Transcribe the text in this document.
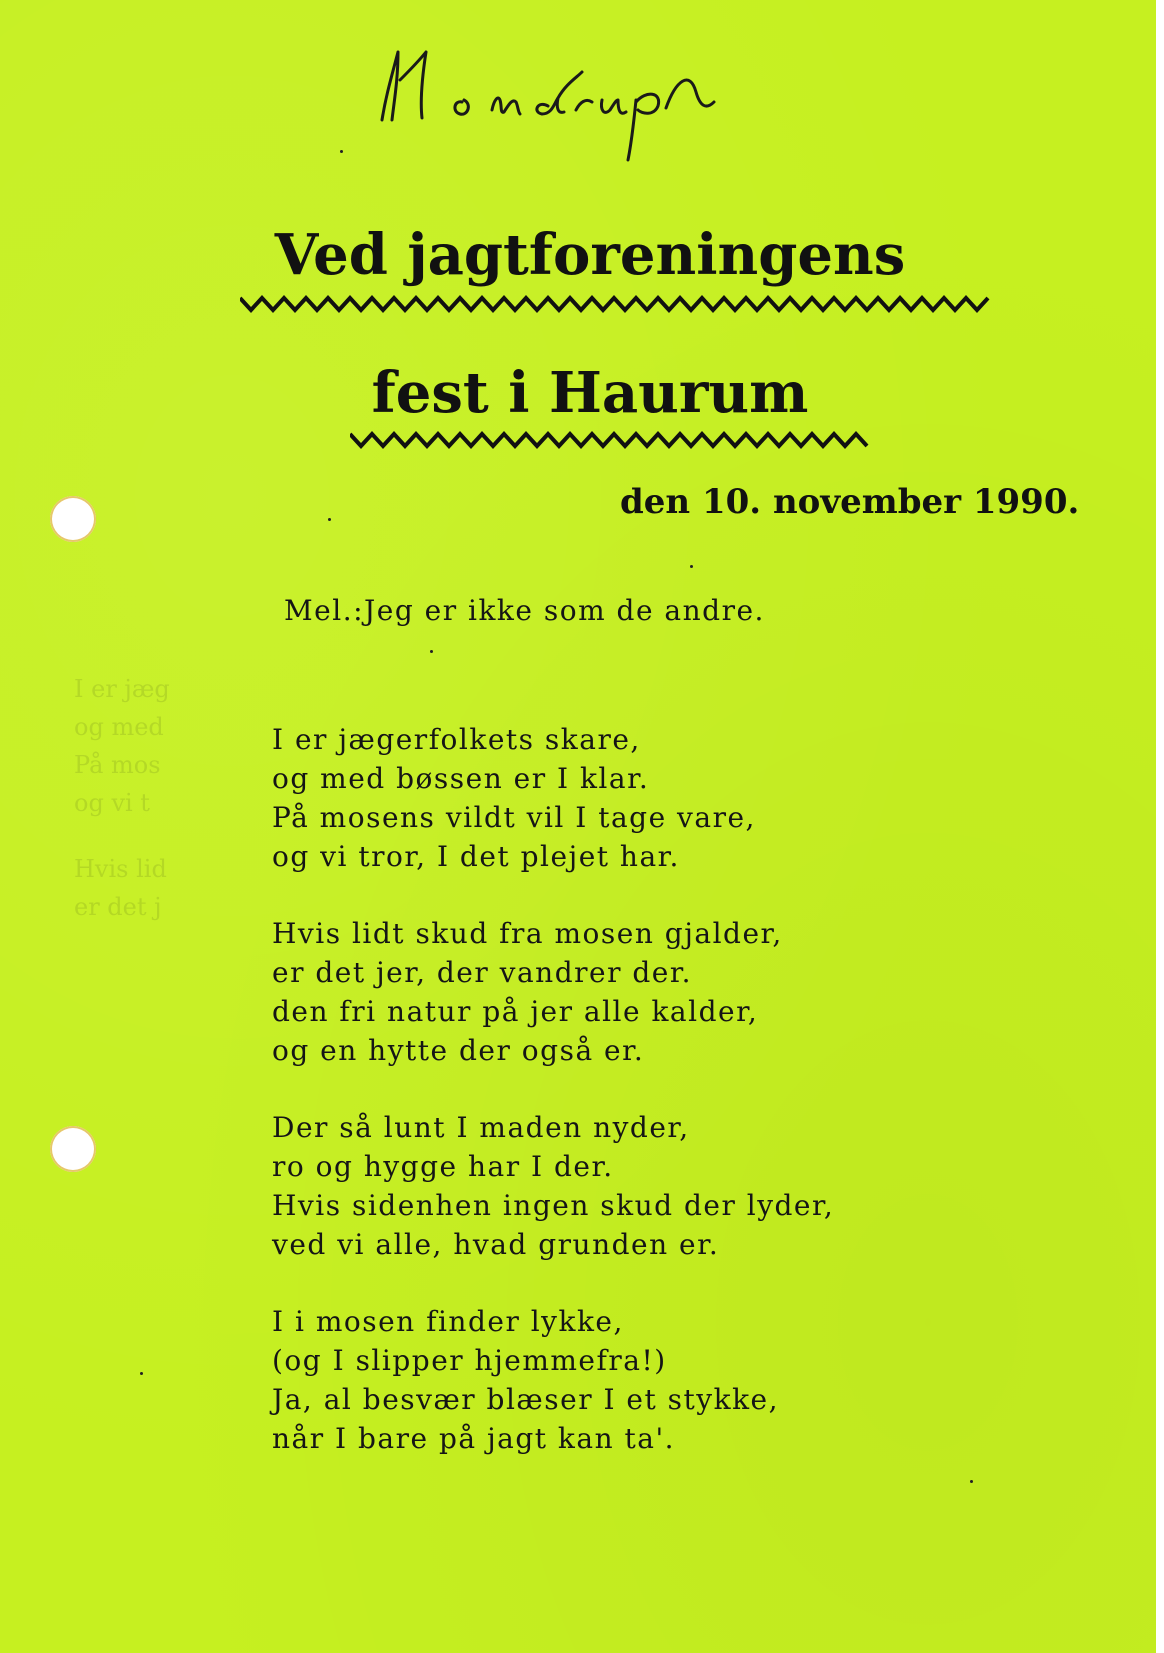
I er jæg
og med
På mos
og vi t
Hvis lid
er det j
Ved jagtforeningens
fest i Haurum
den 10. november 1990.
Mel.:Jeg er ikke som de andre.
I er jægerfolkets skare,
og med bøssen er I klar.
På mosens vildt vil I tage vare,
og vi tror, I det plejet har.
Hvis lidt skud fra mosen gjalder,
er det jer, der vandrer der.
den fri natur på jer alle kalder,
og en hytte der også er.
Der så lunt I maden nyder,
ro og hygge har I der.
Hvis sidenhen ingen skud der lyder,
ved vi alle, hvad grunden er.
I i mosen finder lykke,
(og I slipper hjemmefra!)
Ja, al besvær blæser I et stykke,
når I bare på jagt kan ta'.
